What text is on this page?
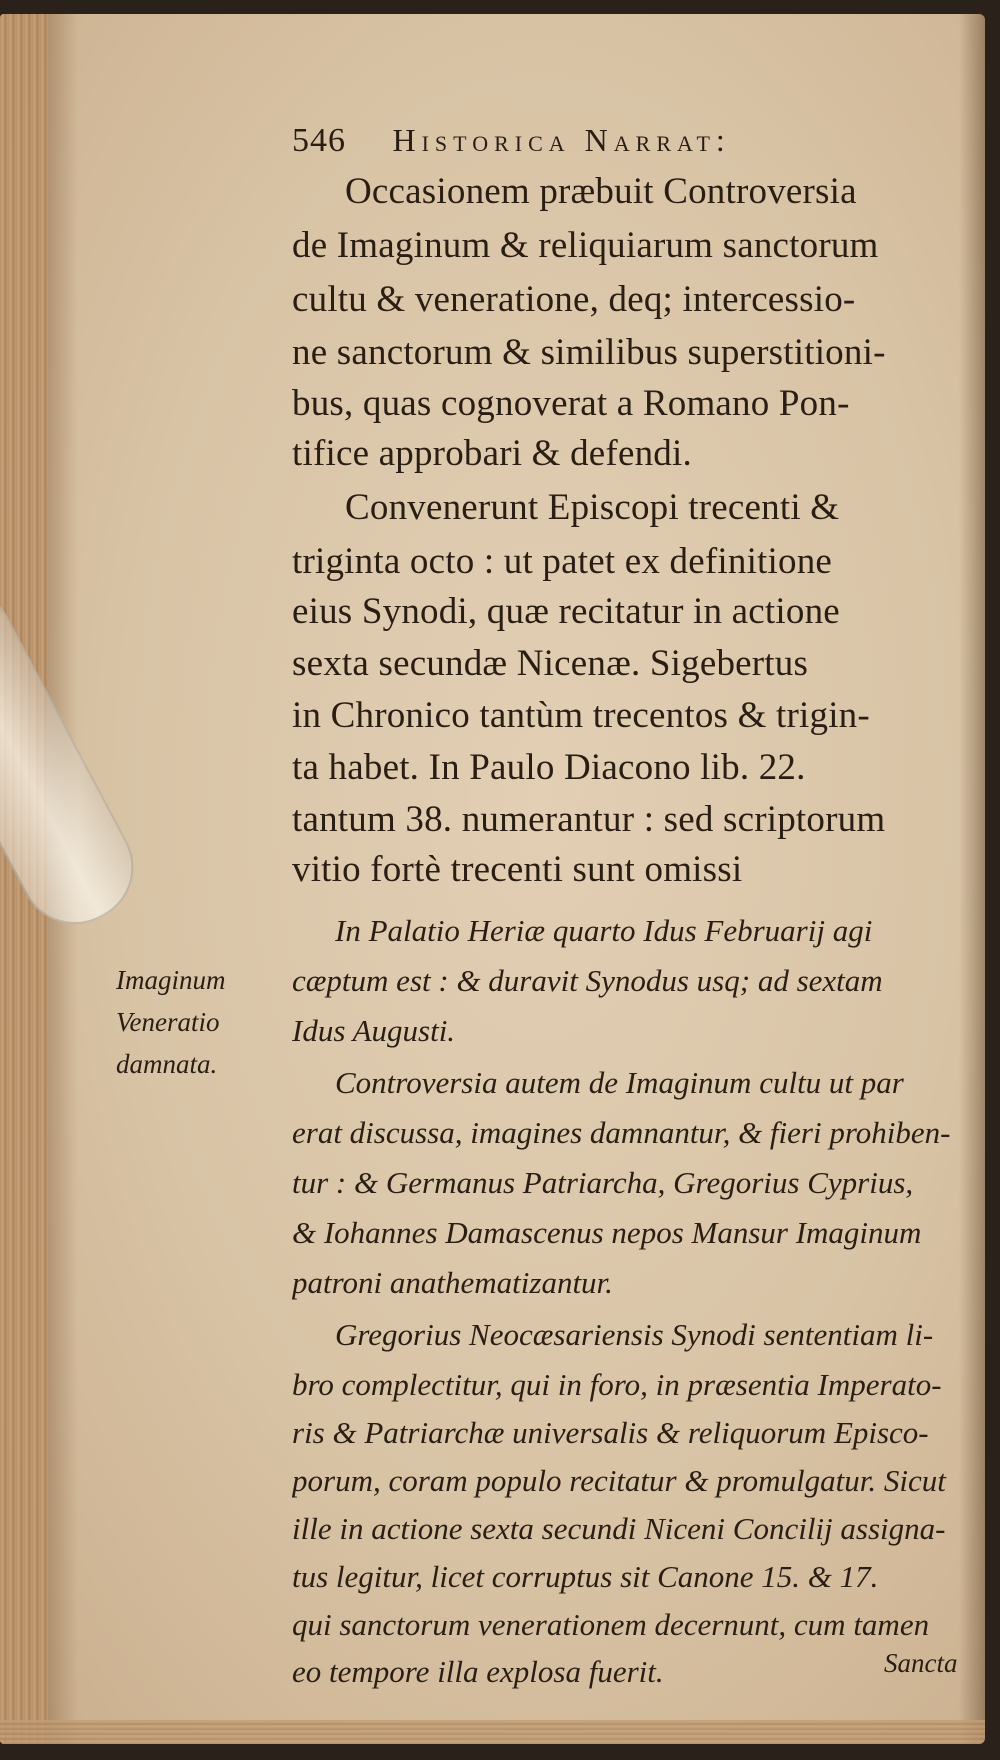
546 Historica Narrat:
Occasionem præbuit Controversia
de Imaginum & reliquiarum sanctorum
cultu & veneratione, deq; intercessio-
ne sanctorum & similibus superstitioni-
bus, quas cognoverat a Romano Pon-
tifice approbari & defendi.
Convenerunt Episcopi trecenti &
triginta octo : ut patet ex definitione
eius Synodi, quæ recitatur in actione
sexta secundæ Nicenæ. Sigebertus
in Chronico tantùm trecentos & trigin-
ta habet. In Paulo Diacono lib. 22.
tantum 38. numerantur : sed scriptorum
vitio fortè trecenti sunt omissi
In Palatio Heriæ quarto Idus Februarij agi
cæptum est : & duravit Synodus usq; ad sextam
Idus Augusti.
Controversia autem de Imaginum cultu ut par
erat discussa, imagines damnantur, & fieri prohiben-
tur : & Germanus Patriarcha, Gregorius Cyprius,
& Iohannes Damascenus nepos Mansur Imaginum
patroni anathematizantur.
Gregorius Neocæsariensis Synodi sententiam li-
bro complectitur, qui in foro, in præsentia Imperato-
ris & Patriarchæ universalis & reliquorum Episco-
porum, coram populo recitatur & promulgatur. Sicut
ille in actione sexta secundi Niceni Concilij assigna-
tus legitur, licet corruptus sit Canone 15. & 17.
qui sanctorum venerationem decernunt, cum tamen
eo tempore illa explosa fuerit.	Sancta
Imaginum
Veneratio
damnata.
